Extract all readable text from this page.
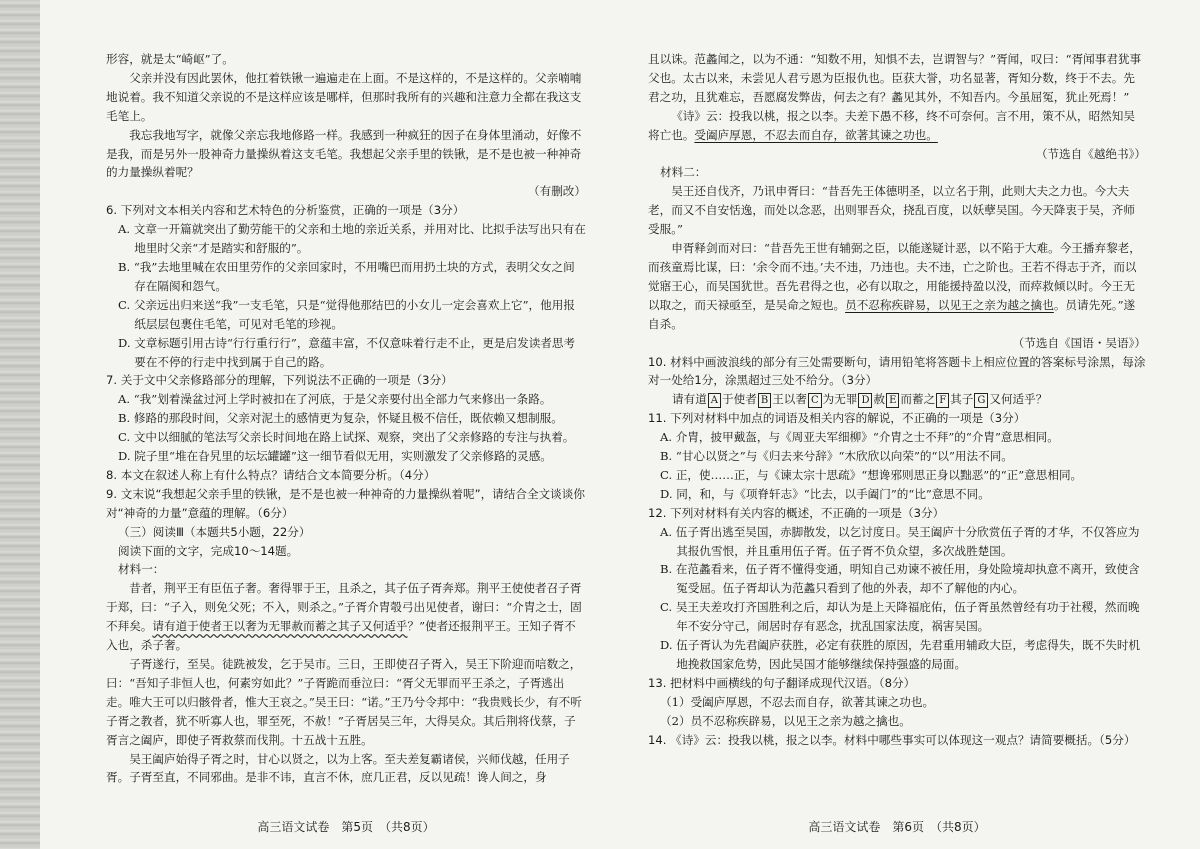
形容，就是太“崎岖”了。

父亲并没有因此罢休，他扛着铁锹一遍遍走在上面。不是这样的，不是这样的。父亲喃喃地说着。我不知道父亲说的不是这样应该是哪样，但那时我所有的兴趣和注意力全都在我这支毛笔上。

我忘我地写字，就像父亲忘我地修路一样。我感到一种疯狂的因子在身体里涌动，好像不是我，而是另外一股神奇力量操纵着这支毛笔。我想起父亲手里的铁锹，是不是也被一种神奇的力量操纵着呢？

（有删改）

6. 下列对文本相关内容和艺术特色的分析鉴赏，正确的一项是（3分）

A. 文章一开篇就突出了勤劳能干的父亲和土地的亲近关系，并用对比、比拟手法写出只有在地里时父亲“才是踏实和舒服的”。

B. “我”去地里喊在农田里劳作的父亲回家时，不用嘴巴而用扔土块的方式，表明父女之间存在隔阂和怨气。

C. 父亲远出归来送“我”一支毛笔，只是“觉得他那结巴的小女儿一定会喜欢上它”，他用报纸层层包裹住毛笔，可见对毛笔的珍视。

D. 文章标题引用古诗“行行重行行”，意蕴丰富，不仅意味着行走不止，更是启发读者思考要在不停的行走中找到属于自己的路。

7. 关于文中父亲修路部分的理解，下列说法不正确的一项是（3分）

A. “我”划着澡盆过河上学时被扣在了河底，于是父亲要付出全部力气来修出一条路。

B. 修路的那段时间，父亲对泥土的感情更为复杂，怀疑且极不信任，既依赖又想制服。

C. 文中以细腻的笔法写父亲长时间地在路上试探、观察，突出了父亲修路的专注与执着。

D. 院子里“堆在旮旯里的坛坛罐罐”这一细节看似无用，实则激发了父亲修路的灵感。

8. 本文在叙述人称上有什么特点？请结合文本简要分析。（4分）

9. 文末说“我想起父亲手里的铁锹，是不是也被一种神奇的力量操纵着呢”，请结合全文谈谈你对“神奇的力量”意蕴的理解。（6分）

（三）阅读Ⅲ（本题共5小题，22分）

阅读下面的文字，完成10～14题。

材料一：

昔者，荆平王有臣伍子奢。奢得罪于王，且杀之，其子伍子胥奔郑。荆平王使使者召子胥于郑，曰：“子入，则免父死；不入，则杀之。”子胥介胄彀弓出见使者，谢曰：“介胄之士，固不拜矣。请有道于使者王以奢为无罪赦而蓄之其子又何适乎？”使者还报荆平王。王知子胥不入也，杀子奢。

子胥遂行，至吴。徒跣被发，乞于吴市。三日，王即使召子胥入，吴王下阶迎而唁数之，曰：“吾知子非恒人也，何素穷如此？”子胥跪而垂泣曰：“胥父无罪而平王杀之，子胥逃出走。唯大王可以归骸骨者，惟大王哀之。”吴王曰：“诺。”王乃兮令邦中：“我贵贱长少，有不听子胥之教者，犹不听寡人也，罪至死，不赦！”子胥居吴三年，大得吴众。其后荆将伐蔡，子胥言之阖庐，即使子胥救蔡而伐荆。十五战十五胜。

吴王阖庐始得子胥之时，甘心以贤之，以为上客。至夫差复霸诸侯，兴师伐越，任用子胥。子胥至直，不同邪曲。是非不讳，直言不休，庶几正君，反以见疏！谗人间之，身

高三语文试卷　第5页　（共8页）

且以诛。范蠡闻之，以为不通：“知数不用，知惧不去，岂谓智与？”胥闻，叹曰：“胥闻事君犹事父也。太古以来，未尝见人君亏恩为臣报仇也。臣获大誉，功名显著，胥知分数，终于不去。先君之功，且犹难忘，吾愿腐发弊齿，何去之有？蠡见其外，不知吾内。今虽屈冤，犹止死焉！”

《诗》云：投我以桃，报之以李。夫差下愚不移，终不可奈何。言不用，策不从，昭然知吴将亡也。受阖庐厚恩，不忍去而自存，欲著其谏之功也。

（节选自《越绝书》）

材料二：

吴王还自伐齐，乃讯申胥曰：“昔吾先王体德明圣，以立名于荆，此则大夫之力也。今大夫老，而又不自安恬逸，而处以念恶，出则罪吾众，挠乱百度，以妖孽吴国。今天降衷于吴，齐师受服。”

申胥释剑而对曰：“昔吾先王世有辅弼之臣，以能遂疑计恶，以不陷于大难。今王播弃黎老，而孩童焉比谋，曰：‘余令而不违。’夫不违，乃违也。夫不违，亡之阶也。王若不得志于齐，而以觉寤王心，而吴国犹世。吾先君得之也，必有以取之，用能援持盈以没，而瘁救倾以时。今王无以取之，而天禄亟至，是吴命之短也。员不忍称疾辟易，以见王之亲为越之擒也。员请先死。”遂自杀。

（节选自《国语・吴语》）

10. 材料中画波浪线的部分有三处需要断句，请用铅笔将答题卡上相应位置的答案标号涂黑，每涂对一处给1分，涂黑超过三处不给分。（3分）

请有道 A 于使者 B 王以奢 C 为无罪 D 赦 E 而蓄之 F 其子 G 又何适乎？

11. 下列对材料中加点的词语及相关内容的解说，不正确的一项是（3分）

A. 介胄，披甲戴盔，与《周亚夫军细柳》“介胄之士不拜”的“介胄”意思相同。

B. “甘心以贤之”与《归去来兮辞》“木欣欣以向荣”的“以”用法不同。

C. 正，使……正，与《谏太宗十思疏》“想谗邪则思正身以黜恶”的“正”意思相同。

D. 同，和，与《项脊轩志》“比去，以手阖门”的“比”意思不同。

12. 下列对材料有关内容的概述，不正确的一项是（3分）

A. 伍子胥出逃至吴国，赤脚散发，以乞讨度日。吴王阖庐十分欣赏伍子胥的才华，不仅答应为其报仇雪恨，并且重用伍子胥。伍子胥不负众望，多次战胜楚国。

B. 在范蠡看来，伍子胥不懂得变通，明知自己劝谏不被任用，身处险境却执意不离开，致使含冤受屈。伍子胥却认为范蠡只看到了他的外表，却不了解他的内心。

C. 吴王夫差攻打齐国胜利之后，却认为是上天降福庇佑，伍子胥虽然曾经有功于社稷，然而晚年不安分守己，闹居时存有恶念，扰乱国家法度，祸害吴国。

D. 伍子胥认为先君阖庐获胜，必定有获胜的原因，先君重用辅政大臣，考虑得失，既不失时机地挽救国家危势，因此吴国才能够继续保持强盛的局面。

13. 把材料中画横线的句子翻译成现代汉语。（8分）

（1）受阖庐厚恩，不忍去而自存，欲著其谏之功也。

（2）员不忍称疾辟易，以见王之亲为越之擒也。

14. 《诗》云：投我以桃，报之以李。材料中哪些事实可以体现这一观点？请简要概括。（5分）

高三语文试卷　第6页　（共8页）
